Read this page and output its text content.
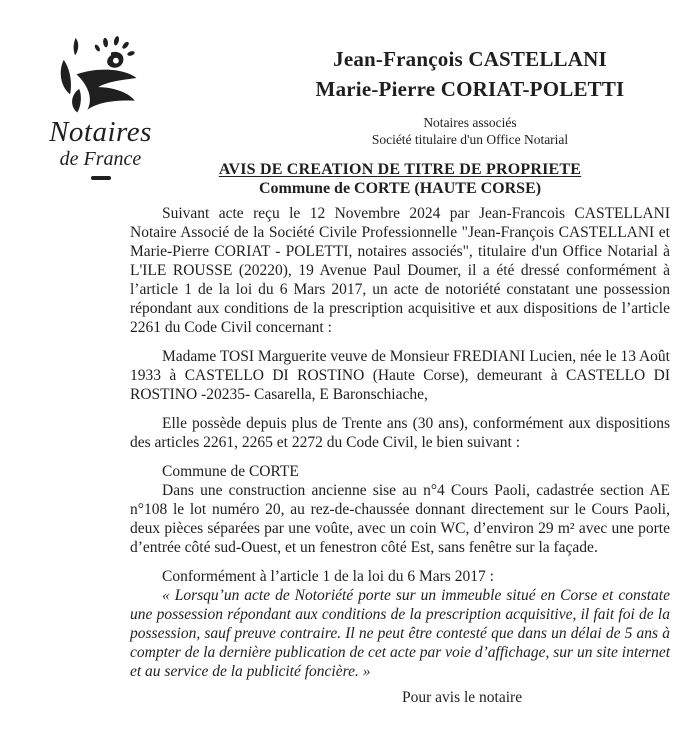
Notaires
de France
Jean-François CASTELLANI
Marie-Pierre CORIAT-POLETTI
Notaires associés
Société titulaire d'un Office Notarial
AVIS DE CREATION DE TITRE DE PROPRIETE
Commune de CORTE (HAUTE CORSE)

Suivant acte reçu le 12 Novembre 2024 par Jean-Francois CASTELLANI Notaire Associé de la Société Civile Professionnelle "Jean-François CASTELLANI et Marie-Pierre CORIAT - POLETTI, notaires associés", titulaire d'un Office Notarial à L'ILE ROUSSE (20220), 19 Avenue Paul Doumer, il a été dressé conformément à l’article 1 de la loi du 6 Mars 2017, un acte de notoriété constatant une possession répondant aux conditions de la prescription acquisitive et aux dispositions de l’article 2261 du Code Civil concernant :

Madame TOSI Marguerite veuve de Monsieur FREDIANI Lucien, née le 13 Août 1933 à CASTELLO DI ROSTINO (Haute Corse), demeurant à CASTELLO DI ROSTINO -20235- Casarella, E Baronschiache,

Elle possède depuis plus de Trente ans (30 ans), conformément aux dispositions des articles 2261, 2265 et 2272 du Code Civil, le bien suivant :

Commune de CORTE

Dans une construction ancienne sise au n°4 Cours Paoli, cadastrée section AE n°108 le lot numéro 20, au rez-de-chaussée donnant directement sur le Cours Paoli, deux pièces séparées par une voûte, avec un coin WC, d’environ 29 m² avec une porte d’entrée côté sud-Ouest, et un fenestron côté Est, sans fenêtre sur la façade.

Conformément à l’article 1 de la loi du 6 Mars 2017 :

« Lorsqu’un acte de Notoriété porte sur un immeuble situé en Corse et constate une possession répondant aux conditions de la prescription acquisitive, il fait foi de la possession, sauf preuve contraire. Il ne peut être contesté que dans un délai de 5 ans à compter de la dernière publication de cet acte par voie d’affichage, sur un site internet et au service de la publicité foncière. »

Pour avis le notaire
